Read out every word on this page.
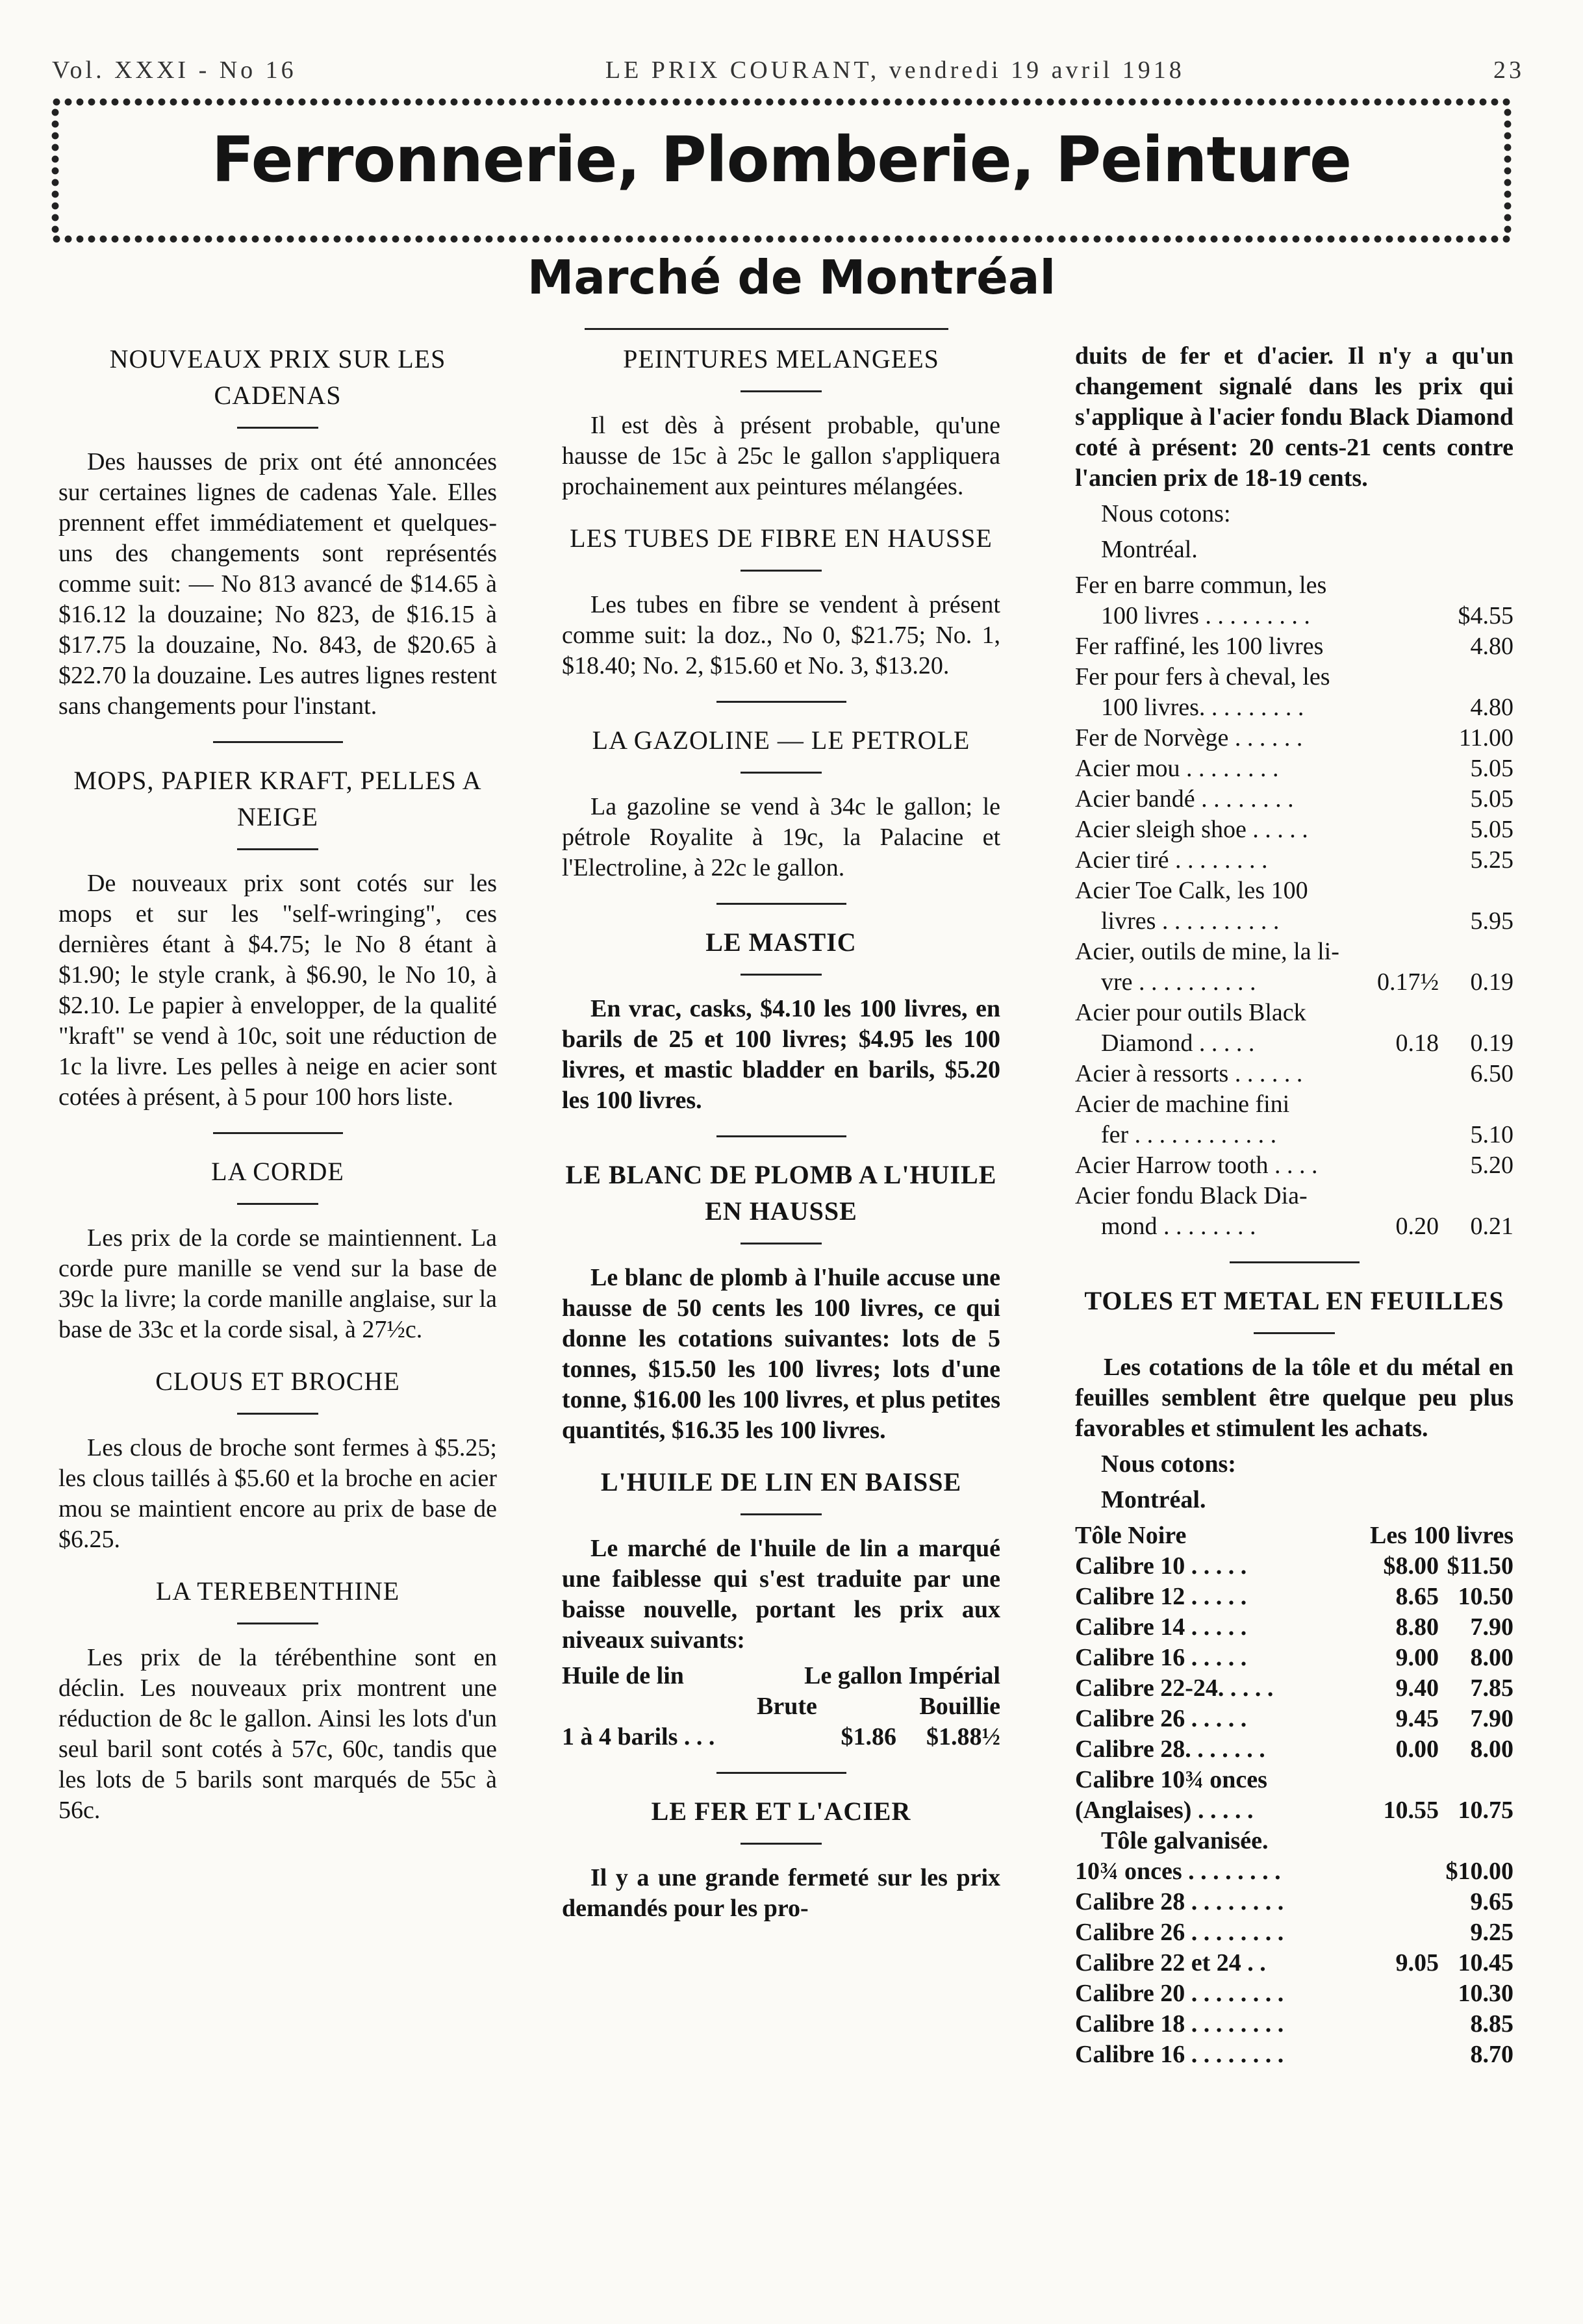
Vol. XXXI - No 16	LE PRIX COURANT, vendredi 19 avril 1918	23
Ferronnerie, Plomberie, Peinture
Marché de Montréal
NOUVEAUX PRIX SUR LES CADENAS

Des hausses de prix ont été annoncées sur certaines lignes de cadenas Yale. Elles prennent effet immédiatement et quelques-uns des changements sont représentés comme suit: — No 813 avancé de $14.65 à $16.12 la douzaine; No 823, de $16.15 à $17.75 la douzaine, No. 843, de $20.65 à $22.70 la douzaine. Les autres lignes restent sans changements pour l'instant.

MOPS, PAPIER KRAFT, PELLES A NEIGE

De nouveaux prix sont cotés sur les mops et sur les "self-wringing", ces dernières étant à $4.75; le No 8 étant à $1.90; le style crank, à $6.90, le No 10, à $2.10. Le papier à envelopper, de la qualité "kraft" se vend à 10c, soit une réduction de 1c la livre. Les pelles à neige en acier sont cotées à présent, à 5 pour 100 hors liste.

LA CORDE

Les prix de la corde se maintiennent. La corde pure manille se vend sur la base de 39c la livre; la corde manille anglaise, sur la base de 33c et la corde sisal, à 27½c.

CLOUS ET BROCHE

Les clous de broche sont fermes à $5.25; les clous taillés à $5.60 et la broche en acier mou se maintient encore au prix de base de $6.25.

LA TEREBENTHINE

Les prix de la térébenthine sont en déclin. Les nouveaux prix montrent une réduction de 8c le gallon. Ainsi les lots d'un seul baril sont cotés à 57c, 60c, tandis que les lots de 5 barils sont marqués de 55c à 56c.

PEINTURES MELANGEES

Il est dès à présent probable, qu'une hausse de 15c à 25c le gallon s'appliquera prochainement aux peintures mélangées.

LES TUBES DE FIBRE EN HAUSSE

Les tubes en fibre se vendent à présent comme suit: la doz., No 0, $21.75; No. 1, $18.40; No. 2, $15.60 et No. 3, $13.20.

LA GAZOLINE — LE PETROLE

La gazoline se vend à 34c le gallon; le pétrole Royalite à 19c, la Palacine et l'Electroline, à 22c le gallon.

LE MASTIC

En vrac, casks, $4.10 les 100 livres, en barils de 25 et 100 livres; $4.95 les 100 livres, et mastic bladder en barils, $5.20 les 100 livres.

LE BLANC DE PLOMB A L'HUILE EN HAUSSE

Le blanc de plomb à l'huile accuse une hausse de 50 cents les 100 livres, ce qui donne les cotations suivantes: lots de 5 tonnes, $15.50 les 100 livres; lots d'une tonne, $16.00 les 100 livres, et plus petites quantités, $16.35 les 100 livres.

L'HUILE DE LIN EN BAISSE

Le marché de l'huile de lin a marqué une faiblesse qui s'est traduite par une baisse nouvelle, portant les prix aux niveaux suivants:

Huile de lin	Le gallon Impérial
Brute	Bouillie
1 à 4 barils . . .	$1.86	$1.88½
LE FER ET L'ACIER

Il y a une grande fermeté sur les prix demandés pour les pro-

duits de fer et d'acier. Il n'y a qu'un changement signalé dans les prix qui s'applique à l'acier fondu Black Diamond coté à présent: 20 cents-21 cents contre l'ancien prix de 18-19 cents.

Nous cotons:

Montréal.

Fer en barre commun, les
100 livres . . . . . . . . .	$4.55
Fer raffiné, les 100 livres	4.80
Fer pour fers à cheval, les
100 livres. . . . . . . . .	4.80
Fer de Norvège . . . . . .	11.00
Acier mou . . . . . . . .	5.05
Acier bandé . . . . . . . .	5.05
Acier sleigh shoe . . . . .	5.05
Acier tiré . . . . . . . .	5.25
Acier Toe Calk, les 100
livres . . . . . . . . . .	5.95
Acier, outils de mine, la li-
vre . . . . . . . . . .	0.17½	0.19
Acier pour outils Black
Diamond . . . . .	0.18	0.19
Acier à ressorts . . . . . .	6.50
Acier de machine fini
fer . . . . . . . . . . . .	5.10
Acier Harrow tooth . . . .	5.20
Acier fondu Black Dia-
mond . . . . . . . .	0.20	0.21
TOLES ET METAL EN FEUILLES

Les cotations de la tôle et du métal en feuilles semblent être quelque peu plus favorables et stimulent les achats.

Nous cotons:

Montréal.

Tôle Noire	Les 100 livres
Calibre 10 . . . . .	$8.00 $11.50
Calibre 12 . . . . .	8.65 10.50
Calibre 14 . . . . .	8.80	7.90
Calibre 16 . . . . .	9.00	8.00
Calibre 22-24. . . . .	9.40	7.85
Calibre 26 . . . . .	9.45	7.90
Calibre 28. . . . . . .	0.00	8.00
Calibre 10¾ onces
(Anglaises) . . . . .	10.55 10.75
Tôle galvanisée.
10¾ onces . . . . . . . .	$10.00
Calibre 28 . . . . . . . .	9.65
Calibre 26 . . . . . . . .	9.25
Calibre 22 et 24 . .	9.05 10.45
Calibre 20 . . . . . . . .	10.30
Calibre 18 . . . . . . . .	8.85
Calibre 16 . . . . . . . .	8.70
